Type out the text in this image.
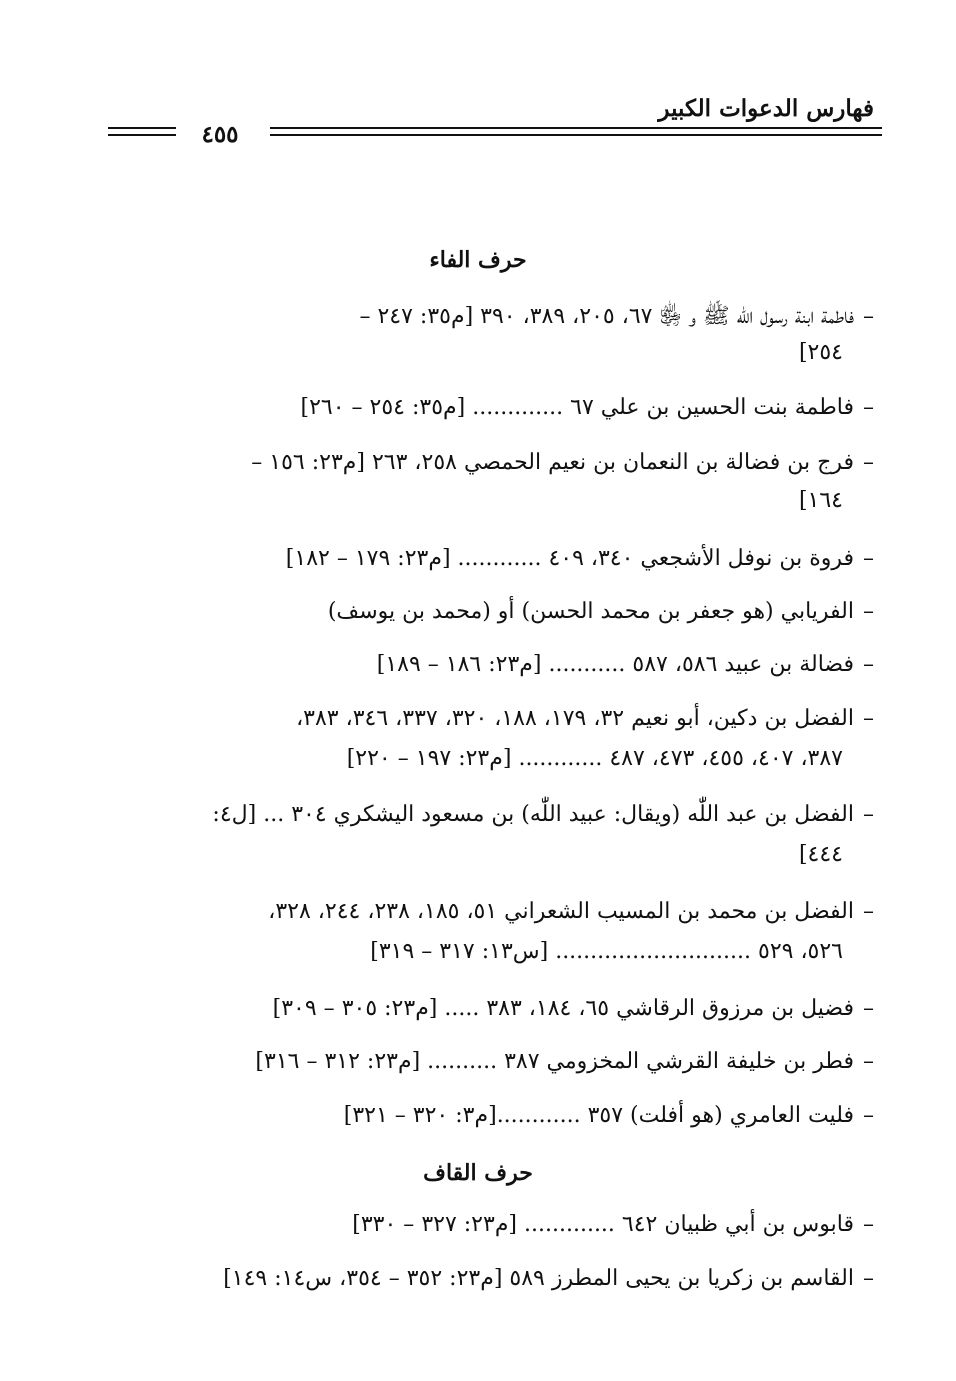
فهارس الدعوات الكبير
٤٥٥
حرف الفاء
–فاطمة ابنة رسول اللّٰه ﷺ و ﵂ ٦٧، ٢٠٥، ٣٨٩، ٣٩٠ [م٣٥: ٢٤٧ –
٢٥٤]
–فاطمة بنت الحسين بن علي ٦٧ ............. [م٣٥: ٢٥٤ – ٢٦٠]
–فرج بن فضالة بن النعمان بن نعيم الحمصي ٢٥٨، ٢٦٣ [م٢٣: ١٥٦ –
١٦٤]
–فروة بن نوفل الأشجعي ٣٤٠، ٤٠٩ ............ [م٢٣: ١٧٩ – ١٨٢]
–الفريابي (هو جعفر بن محمد الحسن) أو (محمد بن يوسف)
–فضالة بن عبيد ٥٨٦، ٥٨٧ ........... [م٢٣: ١٨٦ – ١٨٩]
–الفضل بن دكين، أبو نعيم ٣٢، ١٧٩، ١٨٨، ٣٢٠، ٣٣٧، ٣٤٦، ٣٨٣،
٣٨٧، ٤٠٧، ٤٥٥، ٤٧٣، ٤٨٧ ............ [م٢٣: ١٩٧ – ٢٢٠]
–الفضل بن عبد اللّٰه (ويقال: عبيد اللّٰه) بن مسعود اليشكري ٣٠٤ ... [ل٤:
٤٤٤]
–الفضل بن محمد بن المسيب الشعراني ٥١، ١٨٥، ٢٣٨، ٢٤٤، ٣٢٨،
٥٢٦، ٥٢٩ ............................ [س١٣: ٣١٧ – ٣١٩]
–فضيل بن مرزوق الرقاشي ٦٥، ١٨٤، ٣٨٣ ..... [م٢٣: ٣٠٥ – ٣٠٩]
–فطر بن خليفة القرشي المخزومي ٣٨٧ .......... [م٢٣: ٣١٢ – ٣١٦]
–فليت العامري (هو أفلت) ٣٥٧ ............[م٣: ٣٢٠ – ٣٢١]
حرف القاف
–قابوس بن أبي ظبيان ٦٤٢ ............. [م٢٣: ٣٢٧ – ٣٣٠]
–القاسم بن زكريا بن يحيى المطرز ٥٨٩ [م٢٣: ٣٥٢ – ٣٥٤، س١٤: ١٤٩]
